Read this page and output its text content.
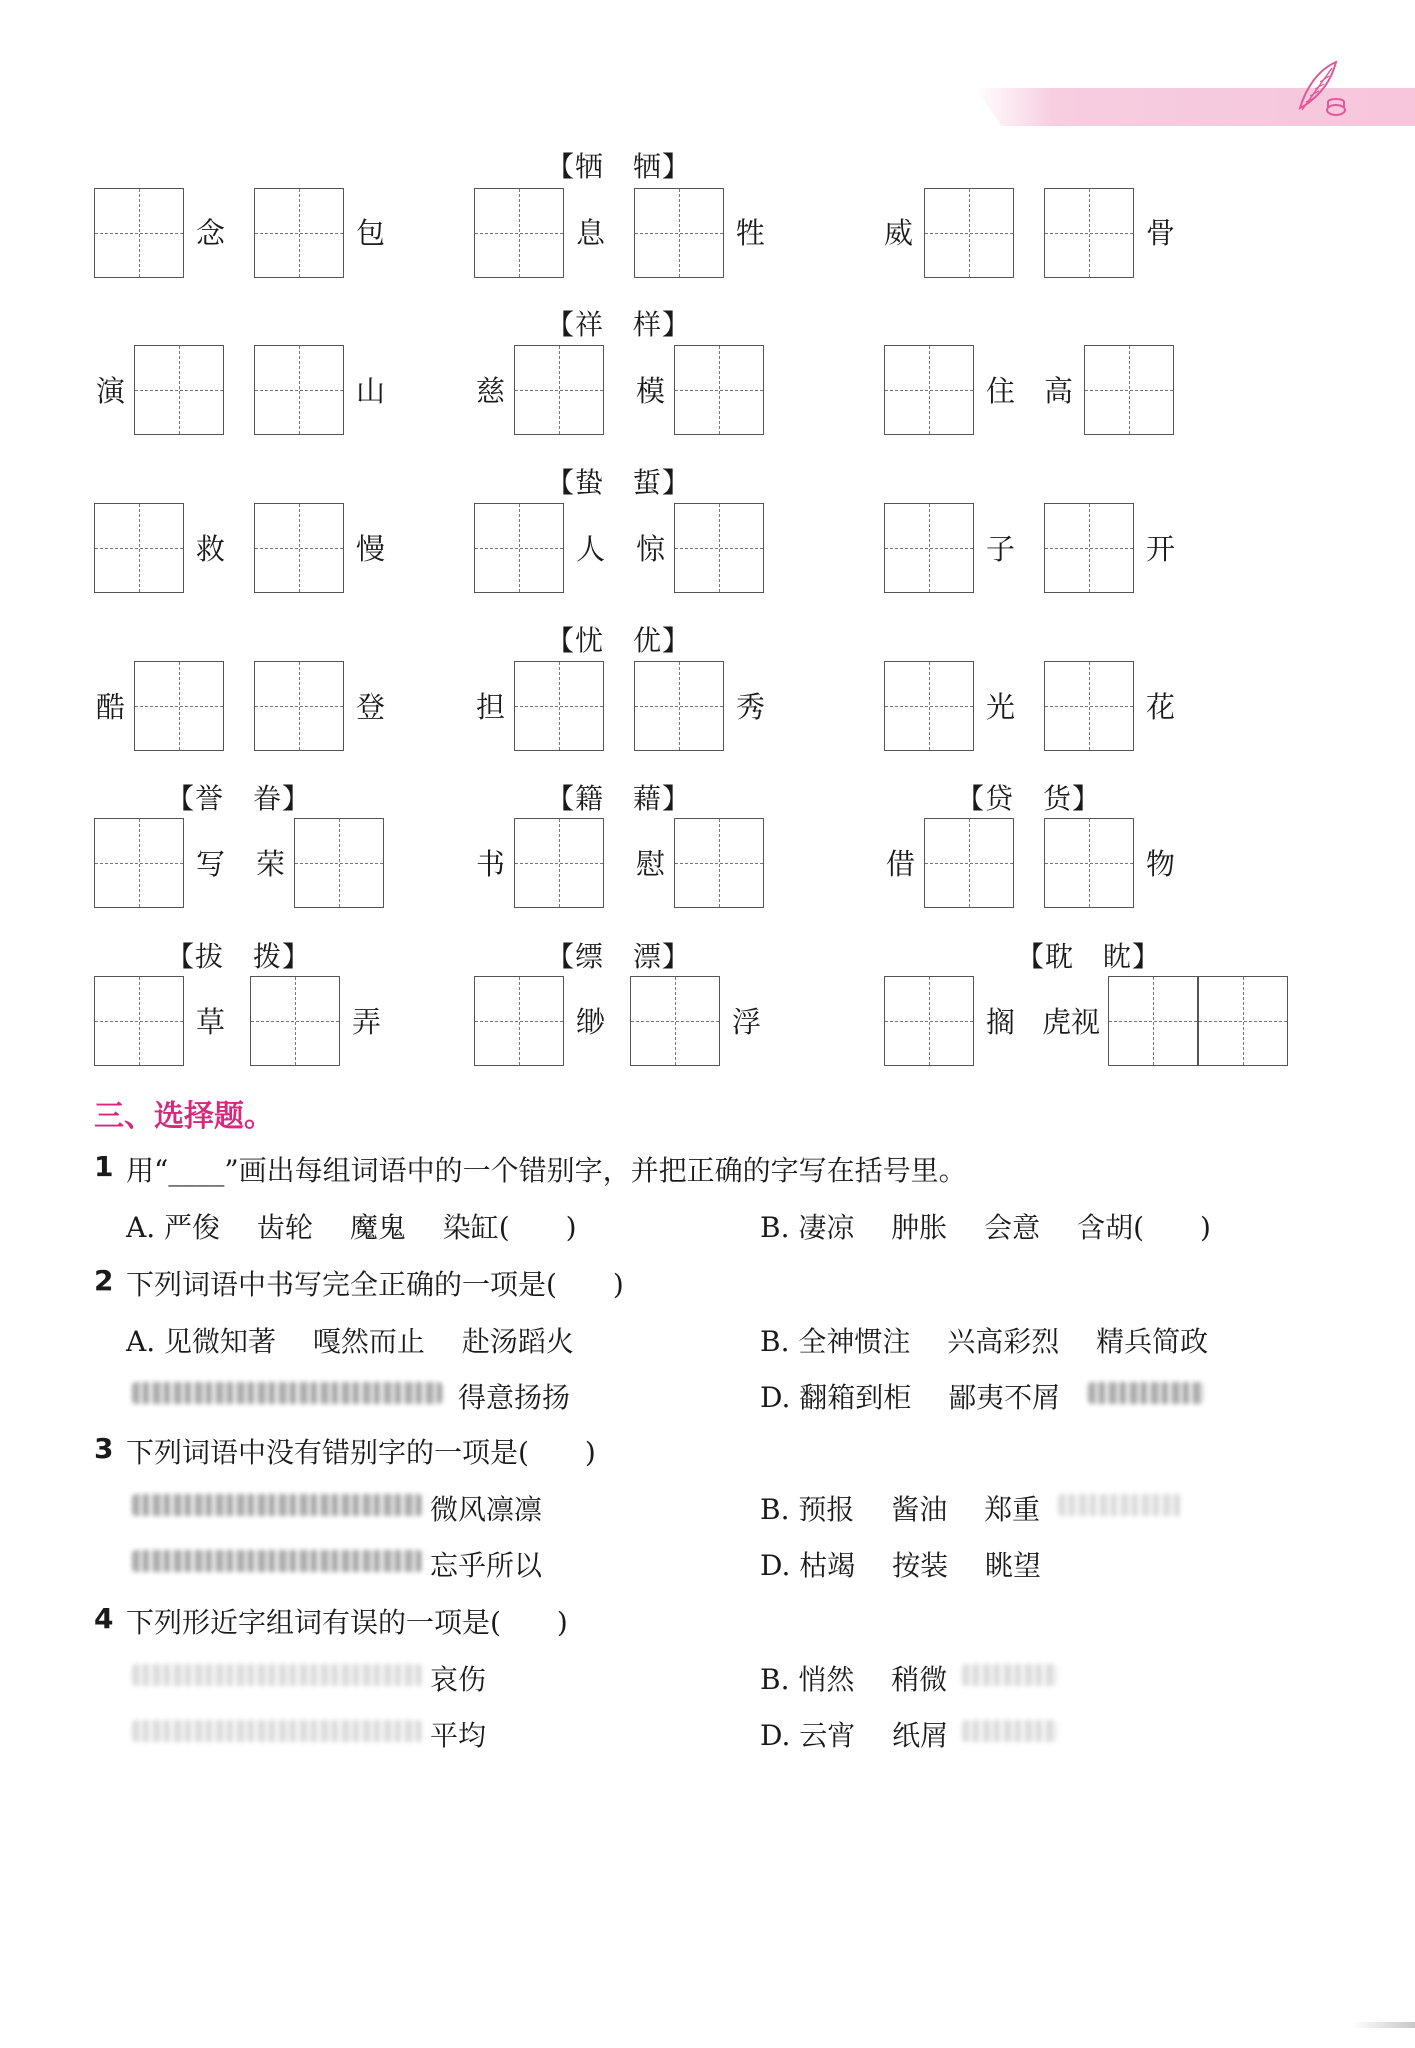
【牺　牺】
念	包	息	牲	威	骨
【祥　样】
演	山	慈	模	住 高
【蛰　蜇】
救	慢	人 惊	子	开
【忧　优】
酷	登	担	秀	光	花
【誉　眷】	【籍　藉】	【贷　货】
写 荣	书	慰	借	物
【拔　拨】	【缥　漂】	【耽　眈】
草	弄	缈	浮	搁 虎视
三、选择题。
1 用“____”画出每组词语中的一个错别字，并把正确的字写在括号里。
A. 严俊　 齿轮　 魔鬼　 染缸(　　)	B. 凄凉　 肿胀　 会意　 含胡(　　)
2 下列词语中书写完全正确的一项是(　　)
A. 见微知著　 嘎然而止　 赴汤蹈火	B. 全神惯注　 兴高彩烈　 精兵简政
得意扬扬	D. 翻箱到柜　 鄙夷不屑
3 下列词语中没有错别字的一项是(　　)
微风凛凛	B. 预报　 酱油　 郑重
忘乎所以	D. 枯竭　 按装　 眺望
4 下列形近字组词有误的一项是(　　)
哀伤	B. 悄然　 稍微
平均	D. 云宵　 纸屑
